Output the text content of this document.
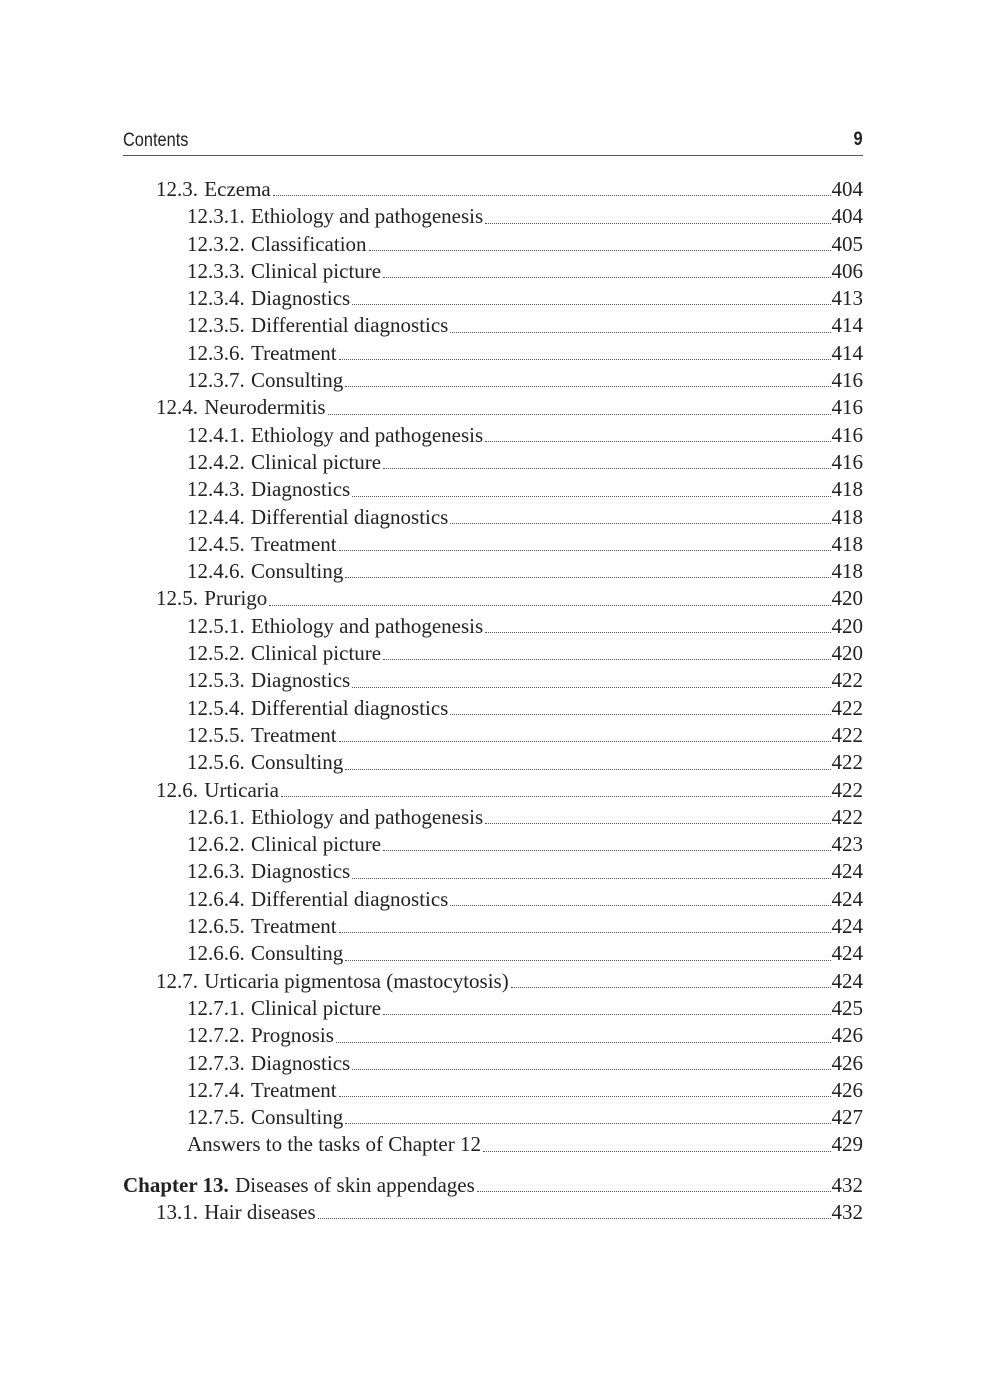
Contents	9
12.3. Eczema	404
12.3.1. Ethiology and pathogenesis	404
12.3.2. Classification	405
12.3.3. Clinical picture	406
12.3.4. Diagnostics	413
12.3.5. Differential diagnostics	414
12.3.6. Treatment	414
12.3.7. Consulting	416
12.4. Neurodermitis	416
12.4.1. Ethiology and pathogenesis	416
12.4.2. Clinical picture	416
12.4.3. Diagnostics	418
12.4.4. Differential diagnostics	418
12.4.5. Treatment	418
12.4.6. Consulting	418
12.5. Prurigo	420
12.5.1. Ethiology and pathogenesis	420
12.5.2. Clinical picture	420
12.5.3. Diagnostics	422
12.5.4. Differential diagnostics	422
12.5.5. Treatment	422
12.5.6. Consulting	422
12.6. Urticaria	422
12.6.1. Ethiology and pathogenesis	422
12.6.2. Clinical picture	423
12.6.3. Diagnostics	424
12.6.4. Differential diagnostics	424
12.6.5. Treatment	424
12.6.6. Consulting	424
12.7. Urticaria pigmentosa (mastocytosis)	424
12.7.1. Clinical picture	425
12.7.2. Prognosis	426
12.7.3. Diagnostics	426
12.7.4. Treatment	426
12.7.5. Consulting	427
Answers to the tasks of Chapter 12	429
Chapter 13. Diseases of skin appendages	432
13.1. Hair diseases	432
